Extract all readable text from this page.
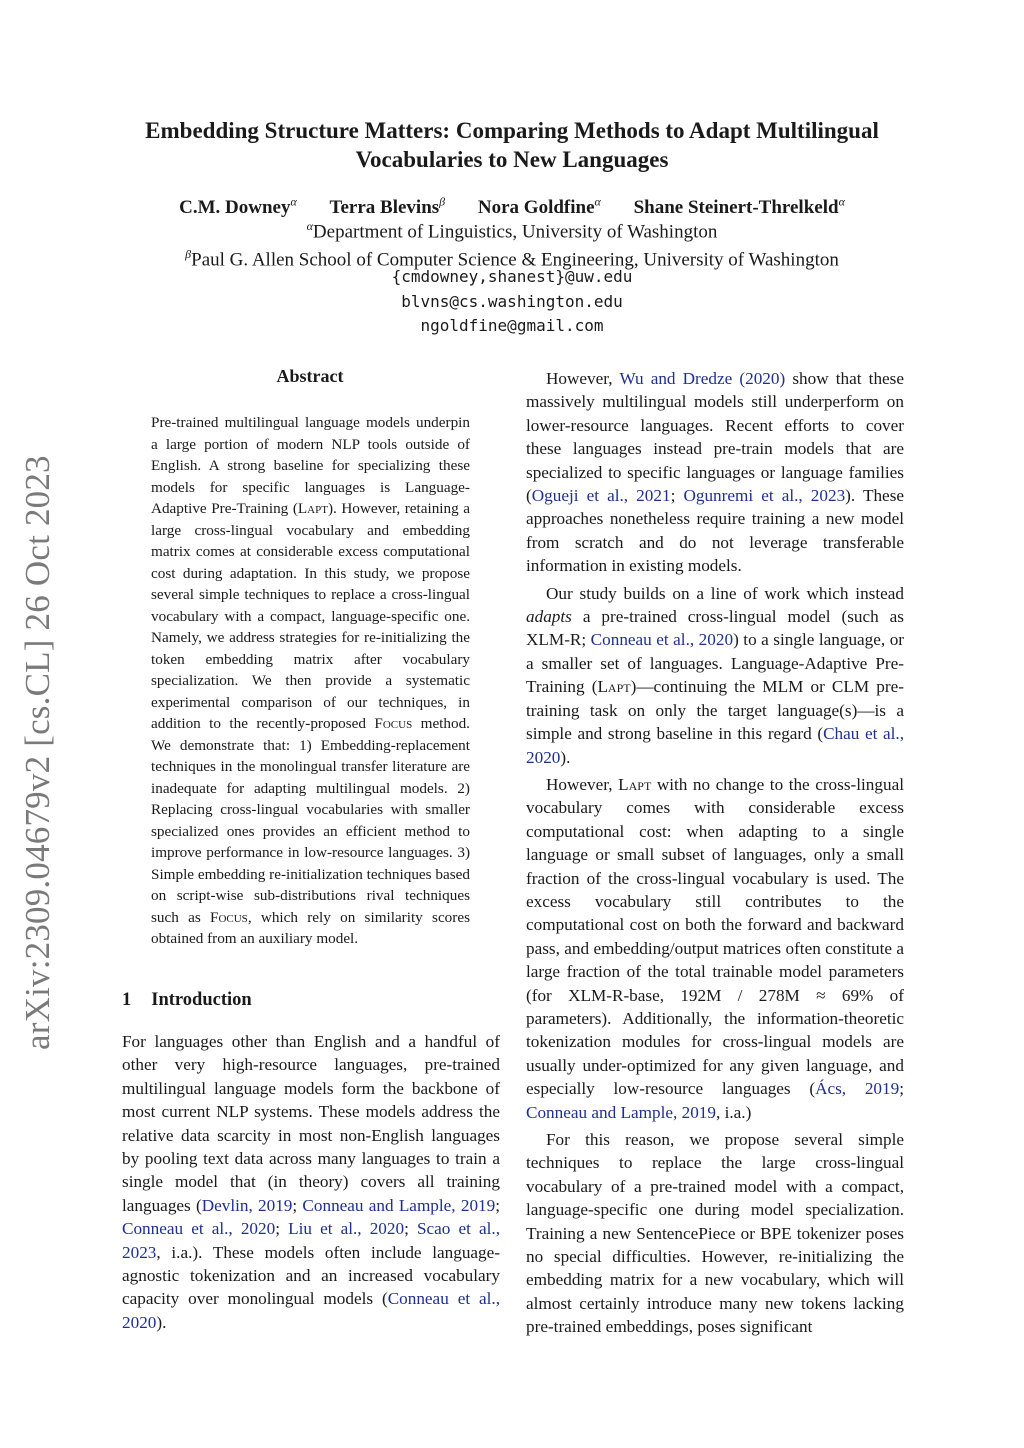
arXiv:2309.04679v2 [cs.CL] 26 Oct 2023
Embedding Structure Matters: Comparing Methods to Adapt Multilingual
Vocabularies to New Languages
C.M. Downey$^\alpha$ Terra Blevins$^\beta$ Nora Goldfine$^\alpha$ Shane Steinert-Threlkeld$^\alpha$
$^\alpha$Department of Linguistics, University of Washington
$^\beta$Paul G. Allen School of Computer Science & Engineering, University of Washington
{cmdowney,shanest}@uw.edu
blvns@cs.washington.edu
ngoldfine@gmail.com
Abstract

Pre-trained multilingual language models underpin a large portion of modern NLP tools outside of English. A strong baseline for specializing these models for specific languages is Language-Adaptive Pre-Training (Lapt). However, retaining a large cross-lingual vocabulary and embedding matrix comes at considerable excess computational cost during adaptation. In this study, we propose several simple techniques to replace a cross-lingual vocabulary with a compact, language-specific one. Namely, we address strategies for re-initializing the token embedding matrix after vocabulary specialization. We then provide a systematic experimental comparison of our techniques, in addition to the recently-proposed Focus method. We demonstrate that: 1) Embedding-replacement techniques in the monolingual transfer literature are inadequate for adapting multilingual models. 2) Replacing cross-lingual vocabularies with smaller specialized ones provides an efficient method to improve performance in low-resource languages. 3) Simple embedding re-initialization techniques based on script-wise sub-distributions rival techniques such as Focus, which rely on similarity scores obtained from an auxiliary model.

1 Introduction

For languages other than English and a handful of other very high-resource languages, pre-trained multilingual language models form the backbone of most current NLP systems. These models address the relative data scarcity in most non-English languages by pooling text data across many languages to train a single model that (in theory) covers all training languages (Devlin, 2019; Conneau and Lample, 2019; Conneau et al., 2020; Liu et al., 2020; Scao et al., 2023, i.a.). These models often include language-agnostic tokenization and an increased vocabulary capacity over monolingual models (Conneau et al., 2020).

However, Wu and Dredze (2020) show that these massively multilingual models still underperform on lower-resource languages. Recent efforts to cover these languages instead pre-train models that are specialized to specific languages or language families (Ogueji et al., 2021; Ogunremi et al., 2023). These approaches nonetheless require training a new model from scratch and do not leverage transferable information in existing models.

Our study builds on a line of work which instead adapts a pre-trained cross-lingual model (such as XLM-R; Conneau et al., 2020) to a single language, or a smaller set of languages. Language-Adaptive Pre-Training (Lapt)—continuing the MLM or CLM pre-training task on only the target language(s)—is a simple and strong baseline in this regard (Chau et al., 2020).

However, Lapt with no change to the cross-lingual vocabulary comes with considerable excess computational cost: when adapting to a single language or small subset of languages, only a small fraction of the cross-lingual vocabulary is used. The excess vocabulary still contributes to the computational cost on both the forward and backward pass, and embedding/output matrices often constitute a large fraction of the total trainable model parameters (for XLM-R-base, 192M / 278M ≈ 69% of parameters). Additionally, the information-theoretic tokenization modules for cross-lingual models are usually under-optimized for any given language, and especially low-resource languages (Ács, 2019; Conneau and Lample, 2019, i.a.)

For this reason, we propose several simple techniques to replace the large cross-lingual vocabulary of a pre-trained model with a compact, language-specific one during model specialization. Training a new SentencePiece or BPE tokenizer poses no special difficulties. However, re-initializing the embedding matrix for a new vocabulary, which will almost certainly introduce many new tokens lacking pre-trained embeddings, poses significant
